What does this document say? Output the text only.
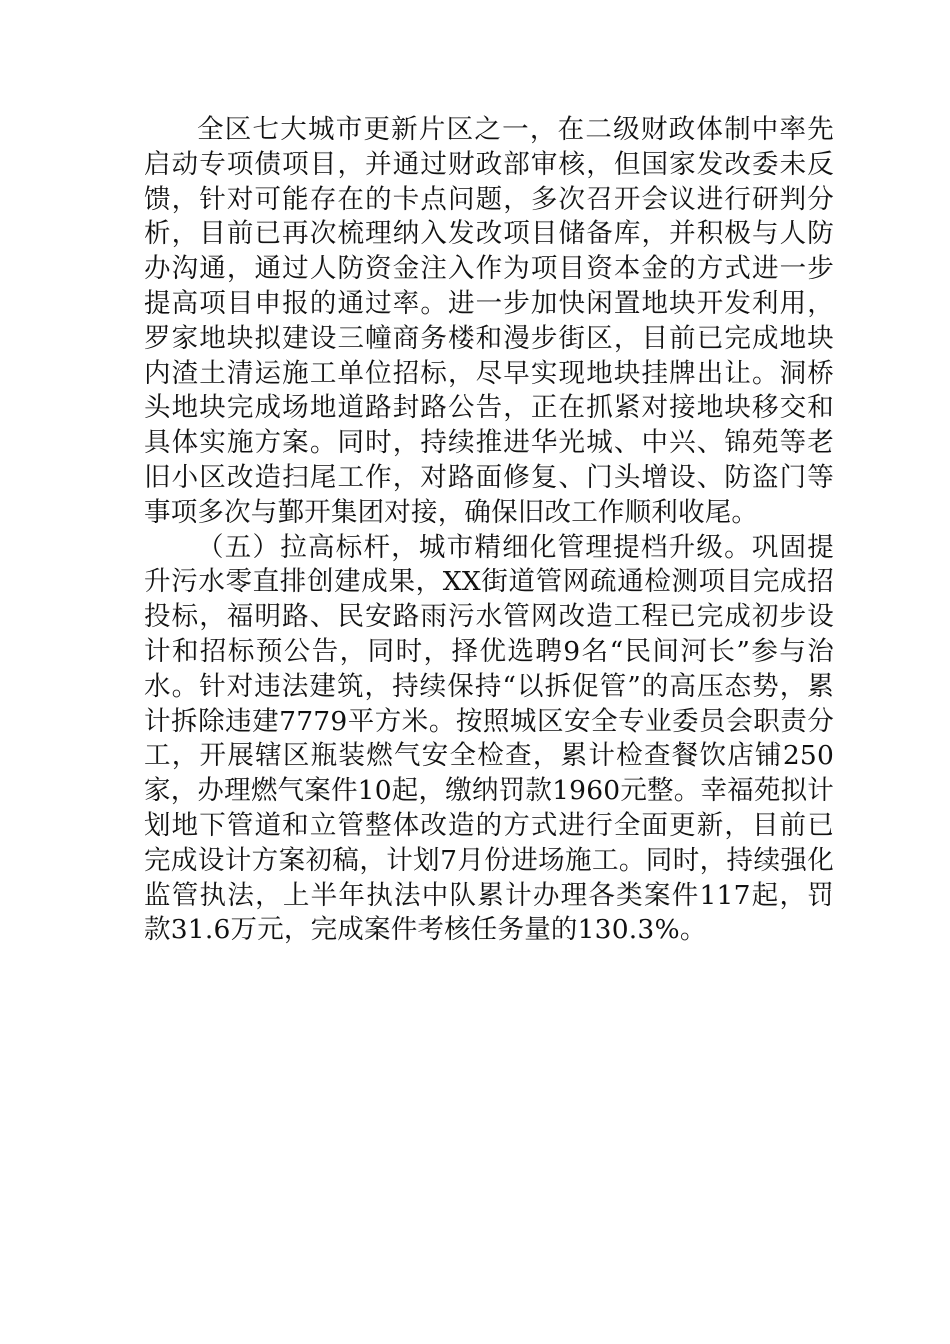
全区七大城市更新片区之一，在二级财政体制中率先启动专项债项目，并通过财政部审核，但国家发改委未反馈，针对可能存在的卡点问题，多次召开会议进行研判分析，目前已再次梳理纳入发改项目储备库，并积极与人防办沟通，通过人防资金注入作为项目资本金的方式进一步提高项目申报的通过率。进一步加快闲置地块开发利用，罗家地块拟建设三幢商务楼和漫步街区，目前已完成地块内渣土清运施工单位招标，尽早实现地块挂牌出让。洞桥头地块完成场地道路封路公告，正在抓紧对接地块移交和具体实施方案。同时，持续推进华光城、中兴、锦苑等老旧小区改造扫尾工作，对路面修复、门头增设、防盗门等事项多次与鄞开集团对接，确保旧改工作顺利收尾。

（五）拉高标杆，城市精细化管理提档升级。巩固提升污水零直排创建成果，XX街道管网疏通检测项目完成招投标，福明路、民安路雨污水管网改造工程已完成初步设计和招标预公告，同时，择优选聘9名“民间河长”参与治水。针对违法建筑，持续保持“以拆促管”的高压态势，累计拆除违建7779平方米。按照城区安全专业委员会职责分工，开展辖区瓶装燃气安全检查，累计检查餐饮店铺250家，办理燃气案件10起，缴纳罚款1960元整。幸福苑拟计划地下管道和立管整体改造的方式进行全面更新，目前已完成设计方案初稿，计划7月份进场施工。同时，持续强化监管执法，上半年执法中队累计办理各类案件117起，罚款31.6万元，完成案件考核任务量的130.3%。
